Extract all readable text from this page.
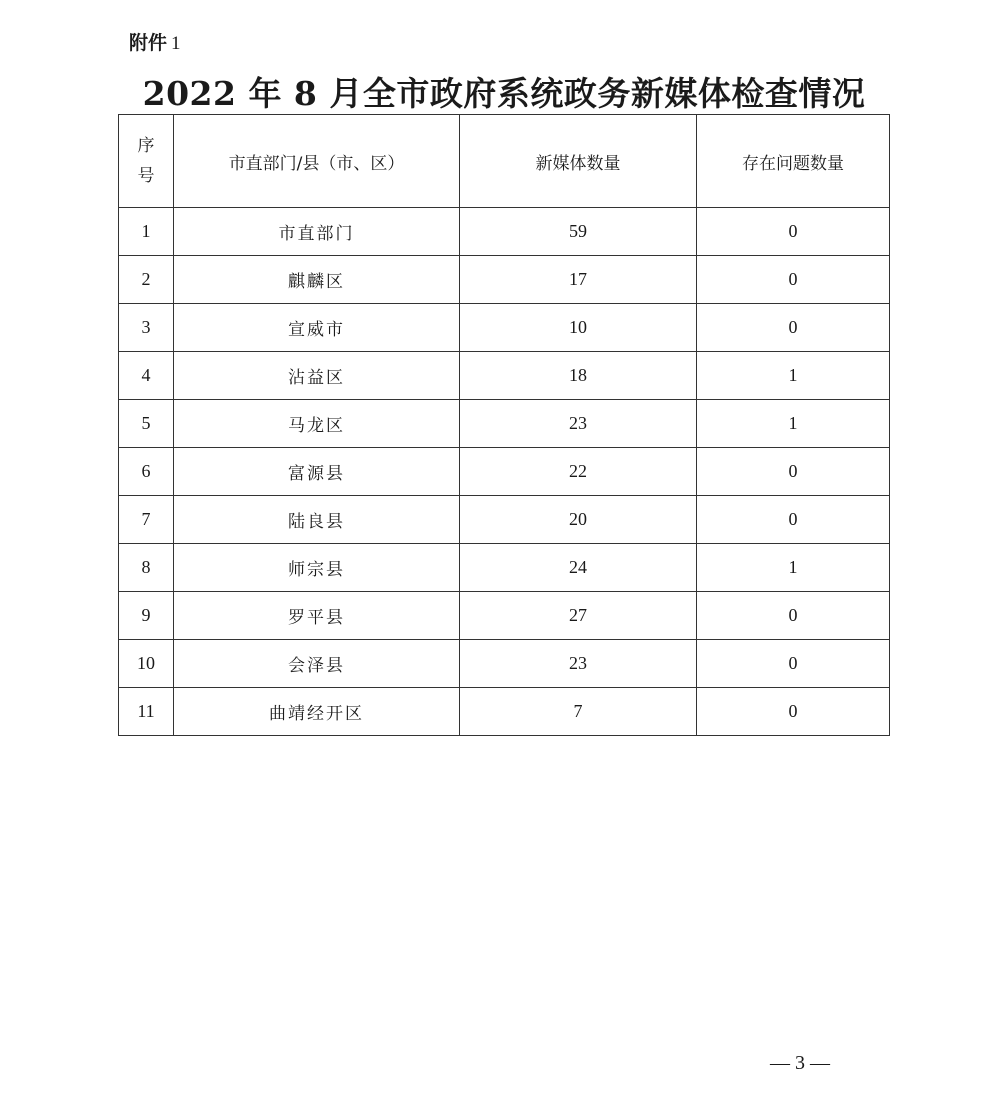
附件 1
2022 年 8 月全市政府系统政务新媒体检查情况
序
号	市直部门/县（市、区）	新媒体数量	存在问题数量
1	市直部门	59	0
2	麒麟区	17	0
3	宣威市	10	0
4	沾益区	18	1
5	马龙区	23	1
6	富源县	22	0
7	陆良县	20	0
8	师宗县	24	1
9	罗平县	27	0
10	会泽县	23	0
11	曲靖经开区	7	0
— 3 —
